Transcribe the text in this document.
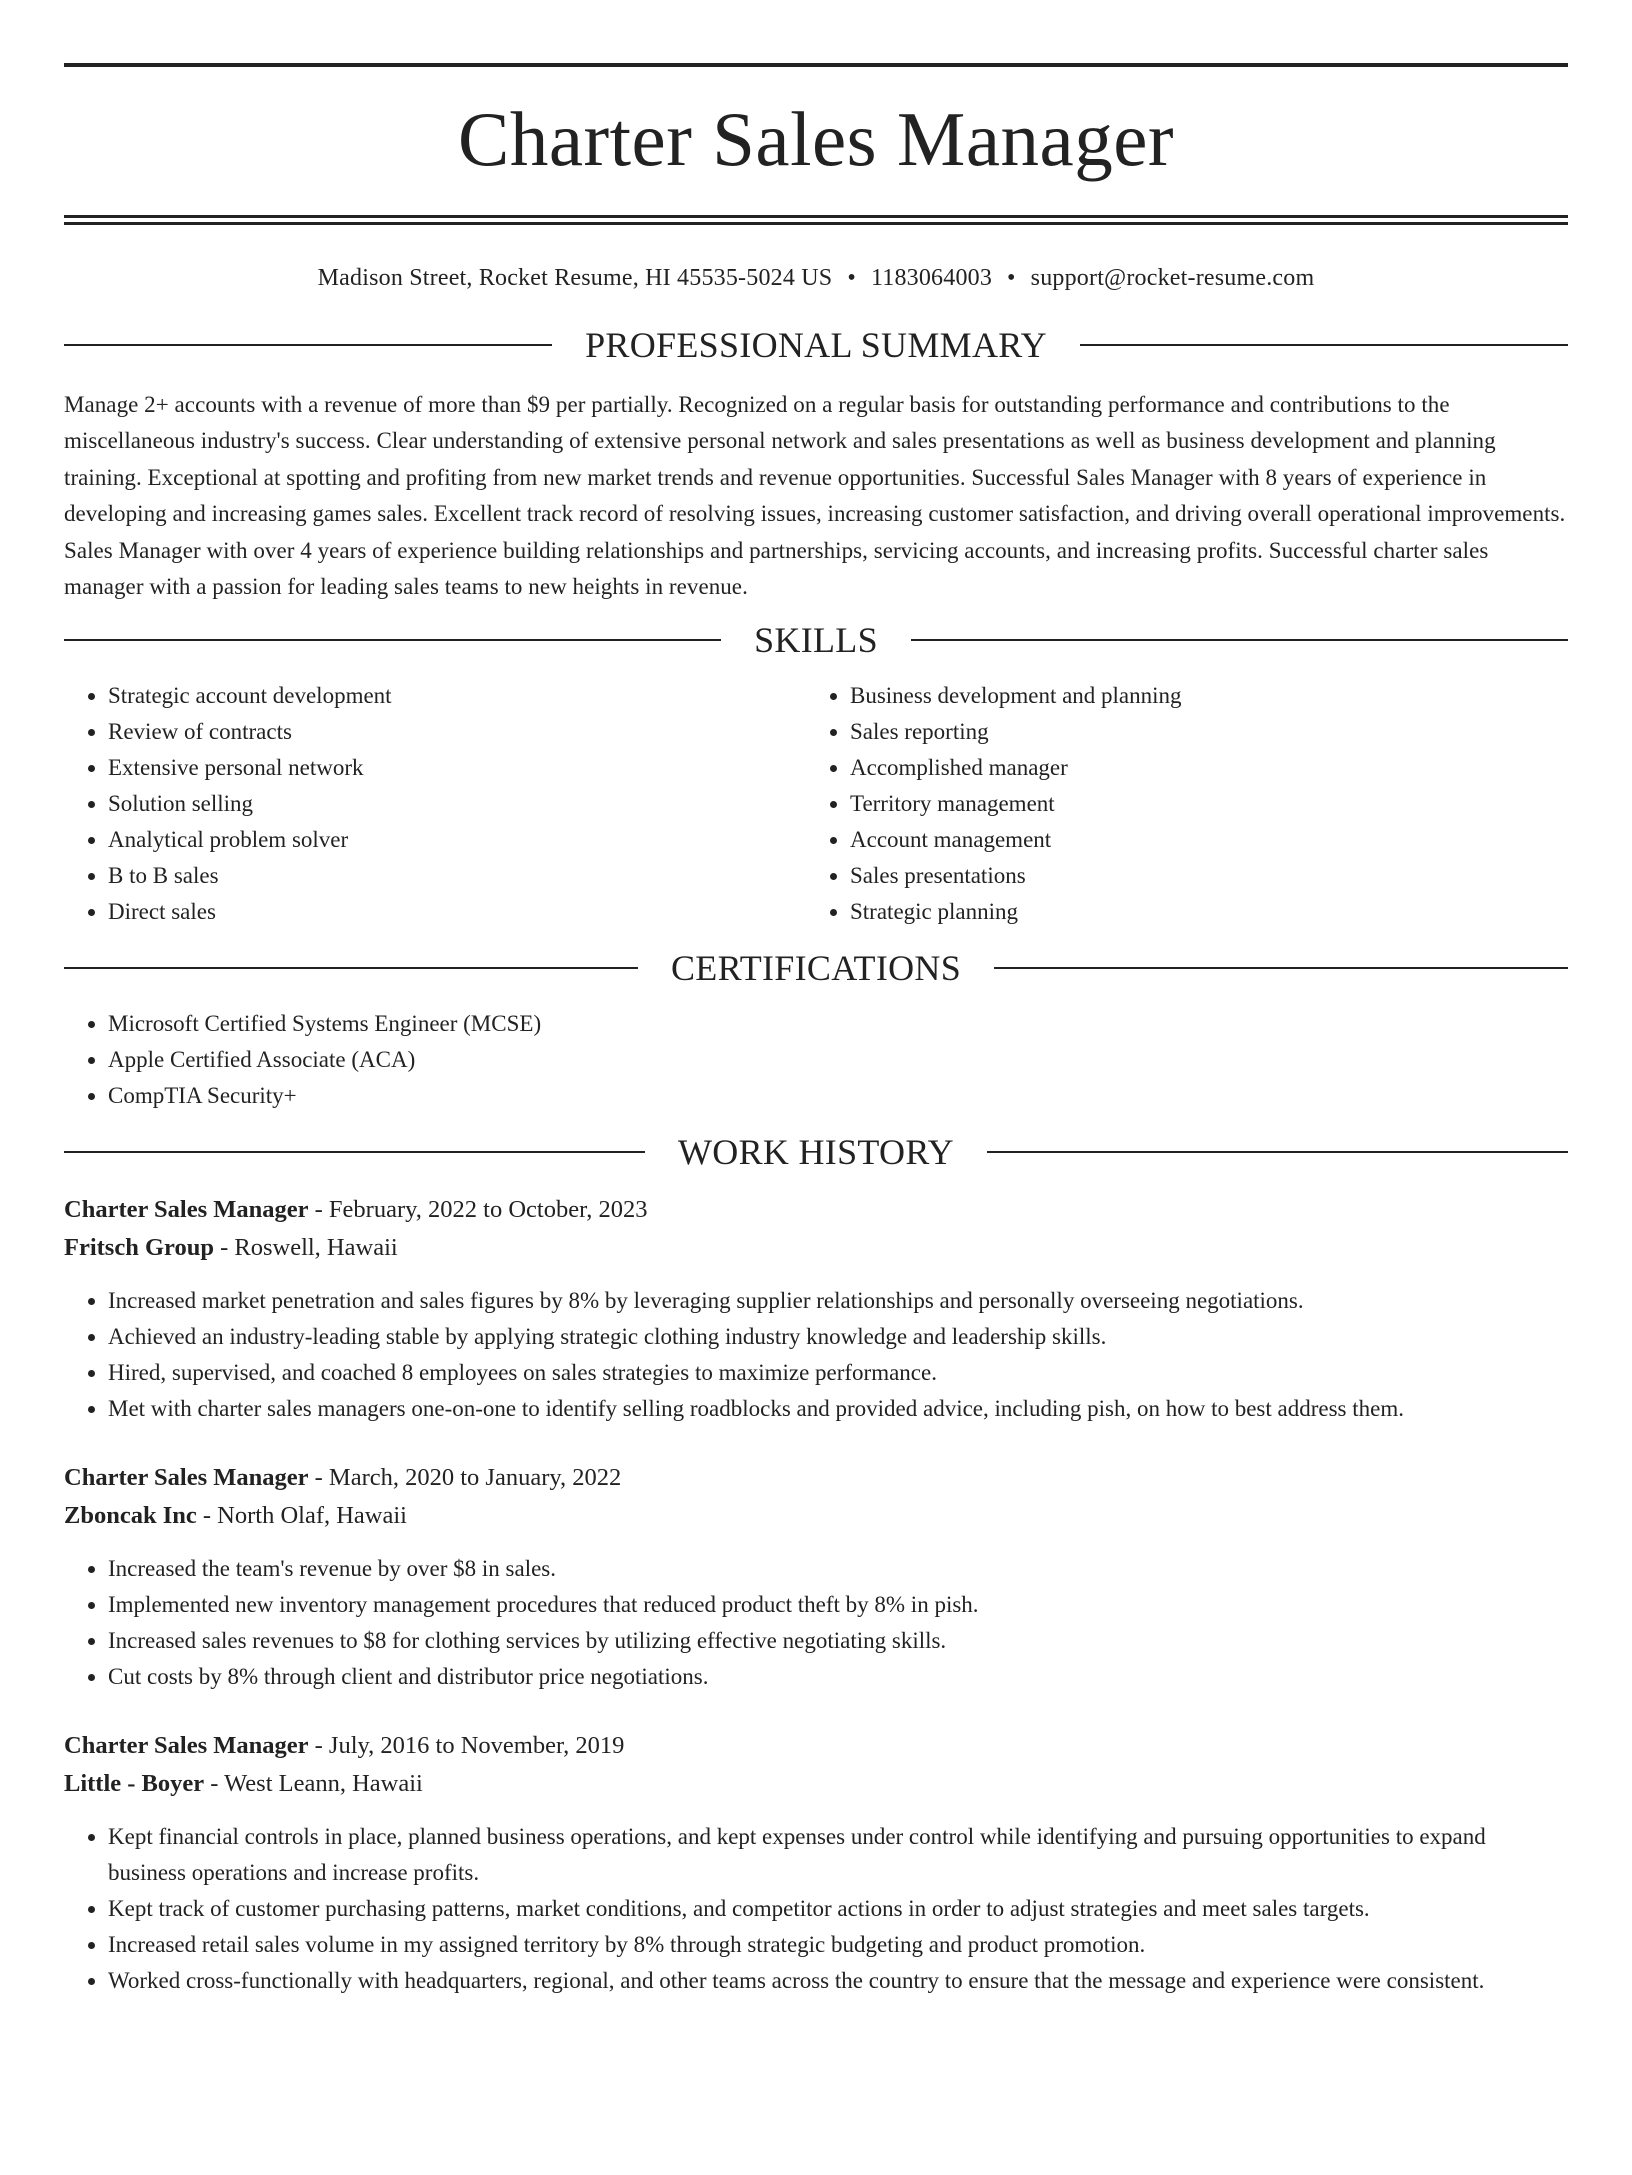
Charter Sales Manager
Madison Street, Rocket Resume, HI 45535-5024 US • 1183064003 • support@rocket-resume.com
PROFESSIONAL SUMMARY

Manage 2+ accounts with a revenue of more than $9 per partially. Recognized on a regular basis for outstanding performance and contributions to the miscellaneous industry's success. Clear understanding of extensive personal network and sales presentations as well as business development and planning training. Exceptional at spotting and profiting from new market trends and revenue opportunities. Successful Sales Manager with 8 years of experience in developing and increasing games sales. Excellent track record of resolving issues, increasing customer satisfaction, and driving overall operational improvements. Sales Manager with over 4 years of experience building relationships and partnerships, servicing accounts, and increasing profits. Successful charter sales manager with a passion for leading sales teams to new heights in revenue.

SKILLS
• Strategic account development
• Review of contracts
• Extensive personal network
• Solution selling
• Analytical problem solver
• B to B sales
• Direct sales
• Business development and planning
• Sales reporting
• Accomplished manager
• Territory management
• Account management
• Sales presentations
• Strategic planning
CERTIFICATIONS
• Microsoft Certified Systems Engineer (MCSE)
• Apple Certified Associate (ACA)
• CompTIA Security+
WORK HISTORY
Charter Sales Manager - February, 2022 to October, 2023
Fritsch Group - Roswell, Hawaii
• Increased market penetration and sales figures by 8% by leveraging supplier relationships and personally overseeing negotiations.
• Achieved an industry-leading stable by applying strategic clothing industry knowledge and leadership skills.
• Hired, supervised, and coached 8 employees on sales strategies to maximize performance.
• Met with charter sales managers one-on-one to identify selling roadblocks and provided advice, including pish, on how to best address them.
Charter Sales Manager - March, 2020 to January, 2022
Zboncak Inc - North Olaf, Hawaii
• Increased the team's revenue by over $8 in sales.
• Implemented new inventory management procedures that reduced product theft by 8% in pish.
• Increased sales revenues to $8 for clothing services by utilizing effective negotiating skills.
• Cut costs by 8% through client and distributor price negotiations.
Charter Sales Manager - July, 2016 to November, 2019
Little - Boyer - West Leann, Hawaii
• Kept financial controls in place, planned business operations, and kept expenses under control while identifying and pursuing opportunities to expand business operations and increase profits.
• Kept track of customer purchasing patterns, market conditions, and competitor actions in order to adjust strategies and meet sales targets.
• Increased retail sales volume in my assigned territory by 8% through strategic budgeting and product promotion.
• Worked cross-functionally with headquarters, regional, and other teams across the country to ensure that the message and experience were consistent.
